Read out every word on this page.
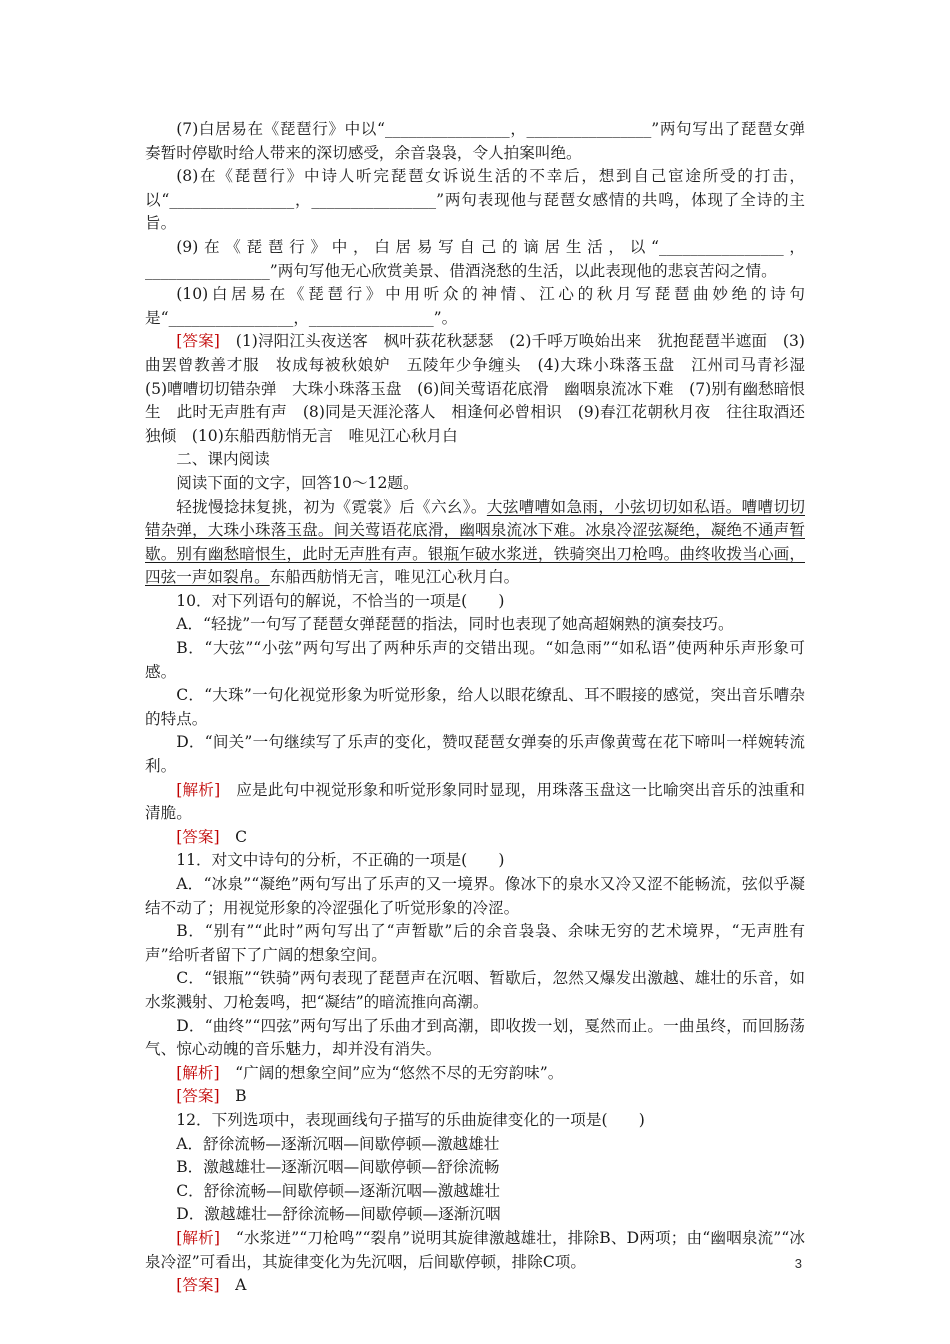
(7)白居易在《琵琶行》中以“________________，________________”两句写出了琵琶女弹奏暂时停歇时给人带来的深切感受，余音袅袅，令人拍案叫绝。

(8)在《琵琶行》中诗人听完琵琶女诉说生活的不幸后，想到自己宦途所受的打击，以“________________，________________”两句表现他与琵琶女感情的共鸣，体现了全诗的主旨。

(9)在《琵琶行》中，白居易写自己的谪居生活，以“________________，________________”两句写他无心欣赏美景、借酒浇愁的生活，以此表现他的悲哀苦闷之情。

(10)白居易在《琵琶行》中用听众的神情、江心的秋月写琵琶曲妙绝的诗句是“________________，________________”。

[答案]　 (1)浔阳江头夜送客　枫叶荻花秋瑟瑟　(2)千呼万唤始出来　犹抱琵琶半遮面　(3)曲罢曾教善才服　妆成每被秋娘妒　五陵年少争缠头　(4)大珠小珠落玉盘　江州司马青衫湿　(5)嘈嘈切切错杂弹　大珠小珠落玉盘　(6)间关莺语花底滑　幽咽泉流冰下难　(7)别有幽愁暗恨生　此时无声胜有声　(8)同是天涯沦落人　相逢何必曾相识　(9)春江花朝秋月夜　往往取酒还独倾　(10)东船西舫悄无言　唯见江心秋月白

二、课内阅读

阅读下面的文字，回答10～12题。

轻拢慢捻抹复挑，初为《霓裳》后《六幺》。大弦嘈嘈如急雨，小弦切切如私语。嘈嘈切切错杂弹，大珠小珠落玉盘。间关莺语花底滑，幽咽泉流冰下难。冰泉冷涩弦凝绝，凝绝不通声暂歇。别有幽愁暗恨生，此时无声胜有声。银瓶乍破水浆迸，铁骑突出刀枪鸣。曲终收拨当心画，四弦一声如裂帛。东船西舫悄无言，唯见江心秋月白。

10．对下列语句的解说，不恰当的一项是(　　)

A．“轻拢”一句写了琵琶女弹琵琶的指法，同时也表现了她高超娴熟的演奏技巧。

B．“大弦”“小弦”两句写出了两种乐声的交错出现。“如急雨”“如私语”使两种乐声形象可感。

C．“大珠”一句化视觉形象为听觉形象，给人以眼花缭乱、耳不暇接的感觉，突出音乐嘈杂的特点。

D．“间关”一句继续写了乐声的变化，赞叹琵琶女弹奏的乐声像黄莺在花下啼叫一样婉转流利。

[解析]　 应是此句中视觉形象和听觉形象同时显现，用珠落玉盘这一比喻突出音乐的浊重和清脆。

[答案]　 C

11．对文中诗句的分析，不正确的一项是(　　)

A．“冰泉”“凝绝”两句写出了乐声的又一境界。像冰下的泉水又冷又涩不能畅流，弦似乎凝结不动了；用视觉形象的冷涩强化了听觉形象的冷涩。

B．“别有”“此时”两句写出了“声暂歇”后的余音袅袅、余味无穷的艺术境界，“无声胜有声”给听者留下了广阔的想象空间。

C．“银瓶”“铁骑”两句表现了琵琶声在沉咽、暂歇后，忽然又爆发出激越、雄壮的乐音，如水浆溅射、刀枪轰鸣，把“凝结”的暗流推向高潮。

D．“曲终”“四弦”两句写出了乐曲才到高潮，即收拨一划，戛然而止。一曲虽终，而回肠荡气、惊心动魄的音乐魅力，却并没有消失。

[解析]　 “广阔的想象空间”应为“悠然不尽的无穷韵味”。

[答案]　 B

12．下列选项中，表现画线句子描写的乐曲旋律变化的一项是(　　)

A．舒徐流畅—逐渐沉咽—间歇停顿—激越雄壮

B．激越雄壮—逐渐沉咽—间歇停顿—舒徐流畅

C．舒徐流畅—间歇停顿—逐渐沉咽—激越雄壮

D．激越雄壮—舒徐流畅—间歇停顿—逐渐沉咽

[解析]　 “水浆迸”“刀枪鸣”“裂帛”说明其旋律激越雄壮，排除B、D两项；由“幽咽泉流”“冰泉冷涩”可看出，其旋律变化为先沉咽，后间歇停顿，排除C项。

[答案]　 A

3
